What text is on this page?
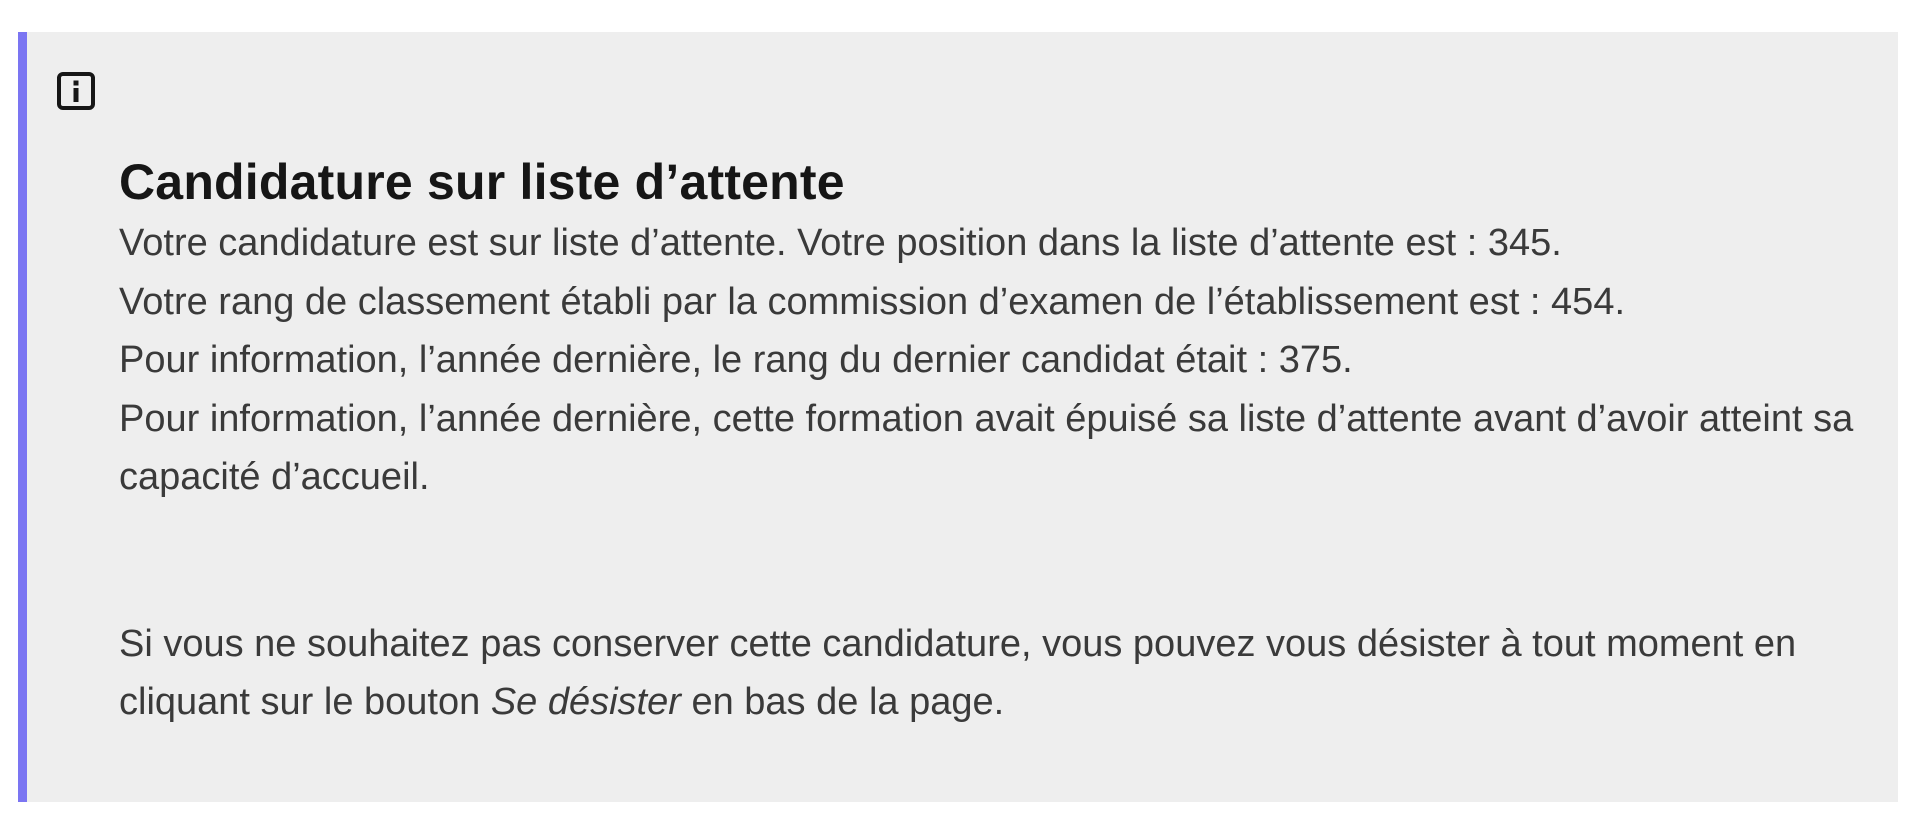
Candidature sur liste d’attente

Votre candidature est sur liste d’attente. Votre position dans la liste d’attente est : 345.
Votre rang de classement établi par la commission d’examen de l’établissement est : 454.
Pour information, l’année dernière, le rang du dernier candidat était : 375.
Pour information, l’année dernière, cette formation avait épuisé sa liste d’attente avant d’avoir atteint sa capacité d’accueil.

Si vous ne souhaitez pas conserver cette candidature, vous pouvez vous désister à tout moment en cliquant sur le bouton Se désister en bas de la page.
